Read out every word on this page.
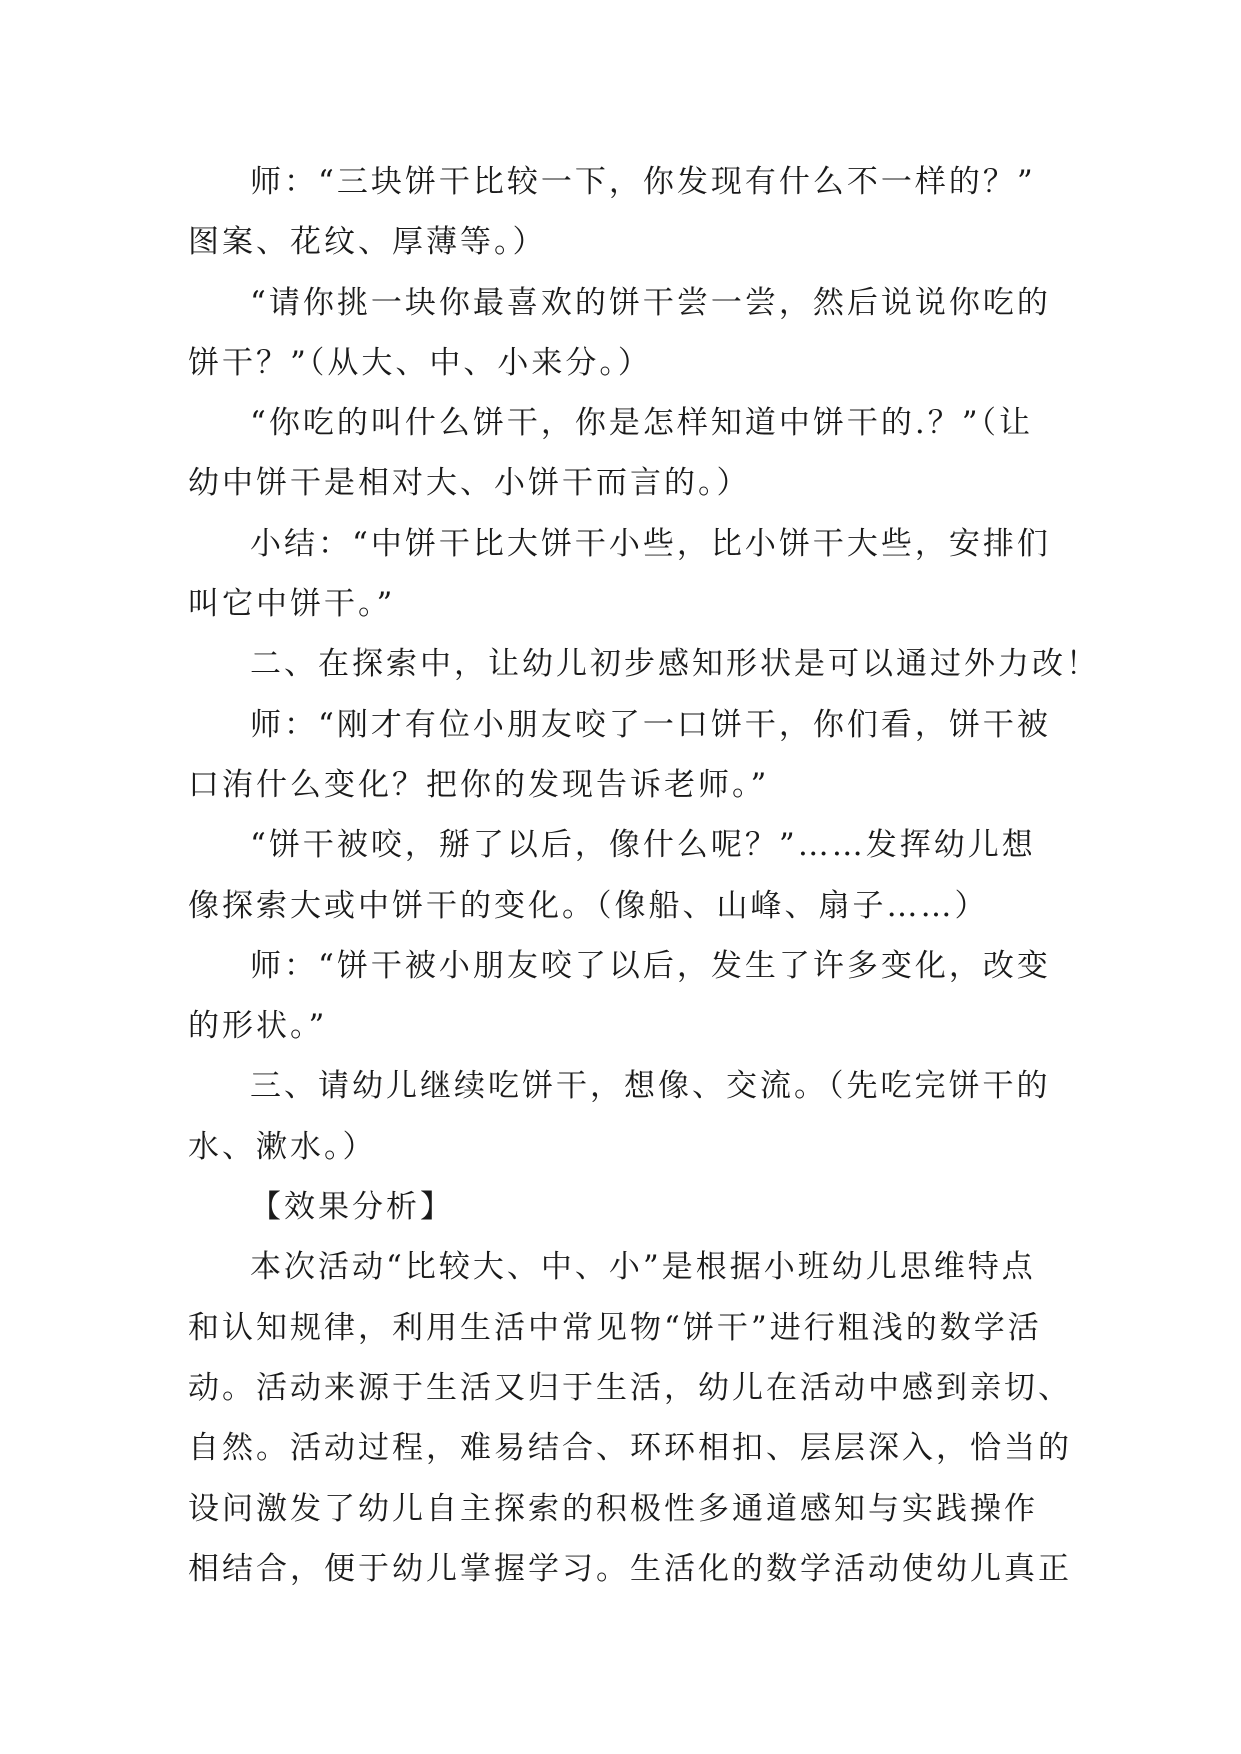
师：“三块饼干比较一下，你发现有什么不一样的？”
图案、花纹、厚薄等。）
“请你挑一块你最喜欢的饼干尝一尝，然后说说你吃的
饼干？”（从大、中、小来分。）
“你吃的叫什么饼干，你是怎样知道中饼干的.？”（让
幼中饼干是相对大、小饼干而言的。）
小结：“中饼干比大饼干小些，比小饼干大些，安排们
叫它中饼干。”
二、在探索中，让幼儿初步感知形状是可以通过外力改！
师：“刚才有位小朋友咬了一口饼干，你们看，饼干被
口洧什么变化？把你的发现告诉老师。”
“饼干被咬，掰了以后，像什么呢？”……发挥幼儿想
像探索大或中饼干的变化。（像船、山峰、扇子……）
师：“饼干被小朋友咬了以后，发生了许多变化，改变
的形状。”
三、请幼儿继续吃饼干，想像、交流。（先吃完饼干的
水、漱水。）
【效果分析】
本次活动“比较大、中、小”是根据小班幼儿思维特点
和认知规律，利用生活中常见物“饼干”进行粗浅的数学活
动。活动来源于生活又归于生活，幼儿在活动中感到亲切、
自然。活动过程，难易结合、环环相扣、层层深入，恰当的
设问激发了幼儿自主探索的积极性多通道感知与实践操作
相结合，便于幼儿掌握学习。生活化的数学活动使幼儿真正
